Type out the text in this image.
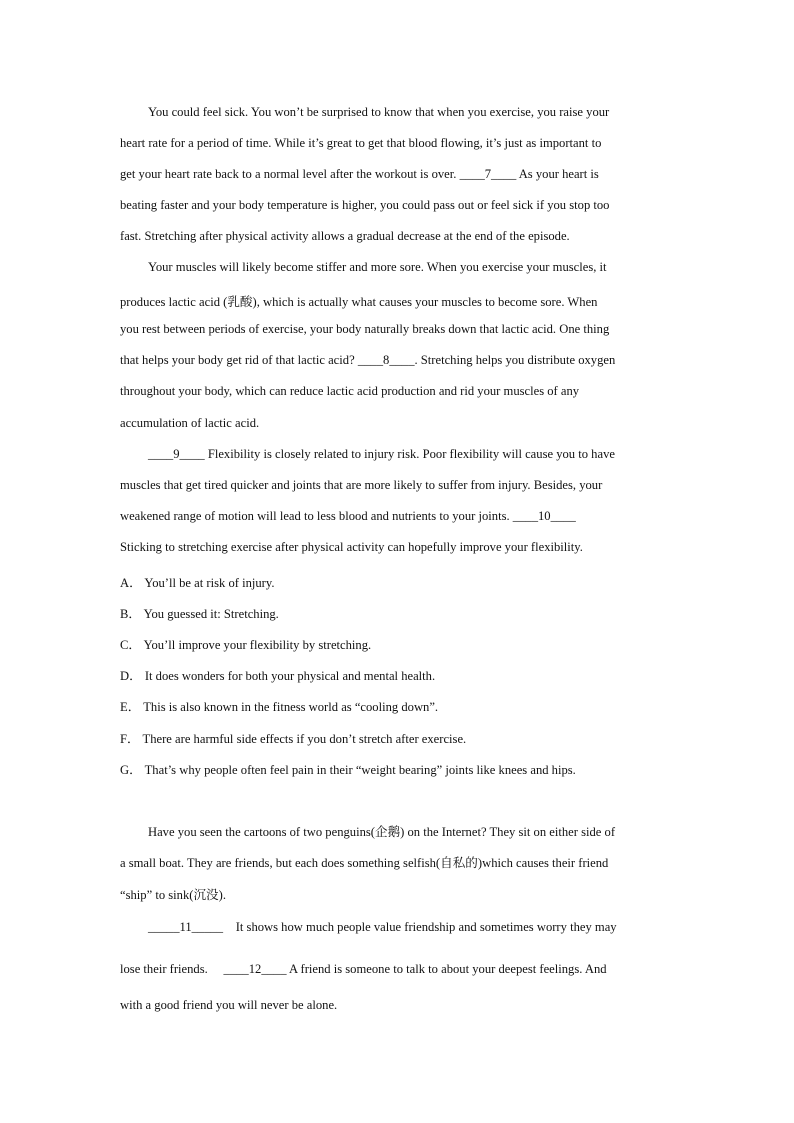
You could feel sick. You won’t be surprised to know that when you exercise, you raise your
heart rate for a period of time. While it’s great to get that blood flowing, it’s just as important to
get your heart rate back to a normal level after the workout is over. ____7____ As your heart is
beating faster and your body temperature is higher, you could pass out or feel sick if you stop too
fast. Stretching after physical activity allows a gradual decrease at the end of the episode.
Your muscles will likely become stiffer and more sore. When you exercise your muscles, it
produces lactic acid (乳酸), which is actually what causes your muscles to become sore. When
you rest between periods of exercise, your body naturally breaks down that lactic acid. One thing
that helps your body get rid of that lactic acid? ____8____. Stretching helps you distribute oxygen
throughout your body, which can reduce lactic acid production and rid your muscles of any
accumulation of lactic acid.
____9____ Flexibility is closely related to injury risk. Poor flexibility will cause you to have
muscles that get tired quicker and joints that are more likely to suffer from injury. Besides, your
weakened range of motion will lead to less blood and nutrients to your joints. ____10____
Sticking to stretching exercise after physical activity can hopefully improve your flexibility.
A． You’ll be at risk of injury.
B． You guessed it: Stretching.
C． You’ll improve your flexibility by stretching.
D． It does wonders for both your physical and mental health.
E． This is also known in the fitness world as “cooling down”.
F． There are harmful side effects if you don’t stretch after exercise.
G． That’s why people often feel pain in their “weight bearing” joints like knees and hips.
Have you seen the cartoons of two penguins(企鹅) on the Internet? They sit on either side of
a small boat. They are friends, but each does something selfish(自私的)which causes their friend
“ship” to sink(沉没).
_____11_____ It shows how much people value friendship and sometimes worry they may
lose their friends. ____12____ A friend is someone to talk to about your deepest feelings. And
with a good friend you will never be alone.
